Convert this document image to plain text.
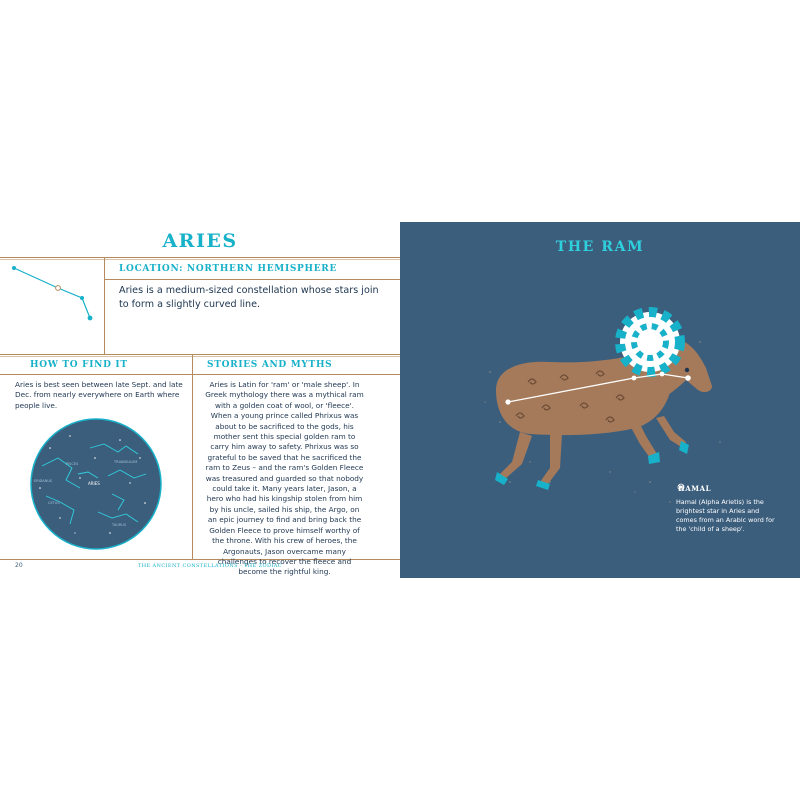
ARIES
LOCATION: NORTHERN HEMISPHERE

Aries is a medium-sized constellation whose stars join to form a slightly curved line.

HOW TO FIND IT

Aries is best seen between late Sept. and late Dec. from nearly everywhere on Earth where people live.

PISCES	TRIANGULUM
CETUS
TAURUS
ERIDANUS	ARIES
STORIES AND MYTHS

Aries is Latin for 'ram' or 'male sheep'. In Greek mythology there was a mythical ram with a golden coat of wool, or 'fleece'. When a young prince called Phrixus was about to be sacrificed to the gods, his mother sent this special golden ram to carry him away to safety. Phrixus was so grateful to be saved that he sacrificed the ram to Zeus – and the ram's Golden Fleece was treasured and guarded so that nobody could take it. Many years later, Jason, a hero who had his kingship stolen from him by his uncle, sailed his ship, the Argo, on an epic journey to find and bring back the Golden Fleece to prove himself worthy of the throne. With his crew of heroes, the Argonauts, Jason overcame many challenges to recover the fleece and become the rightful king.

20	THE ANCIENT CONSTELLATIONS - THE ZODIAC
THE RAM
HAMAL

Hamal (Alpha Arietis) is the brightest star in Aries and comes from an Arabic word for the 'child of a sheep'.
